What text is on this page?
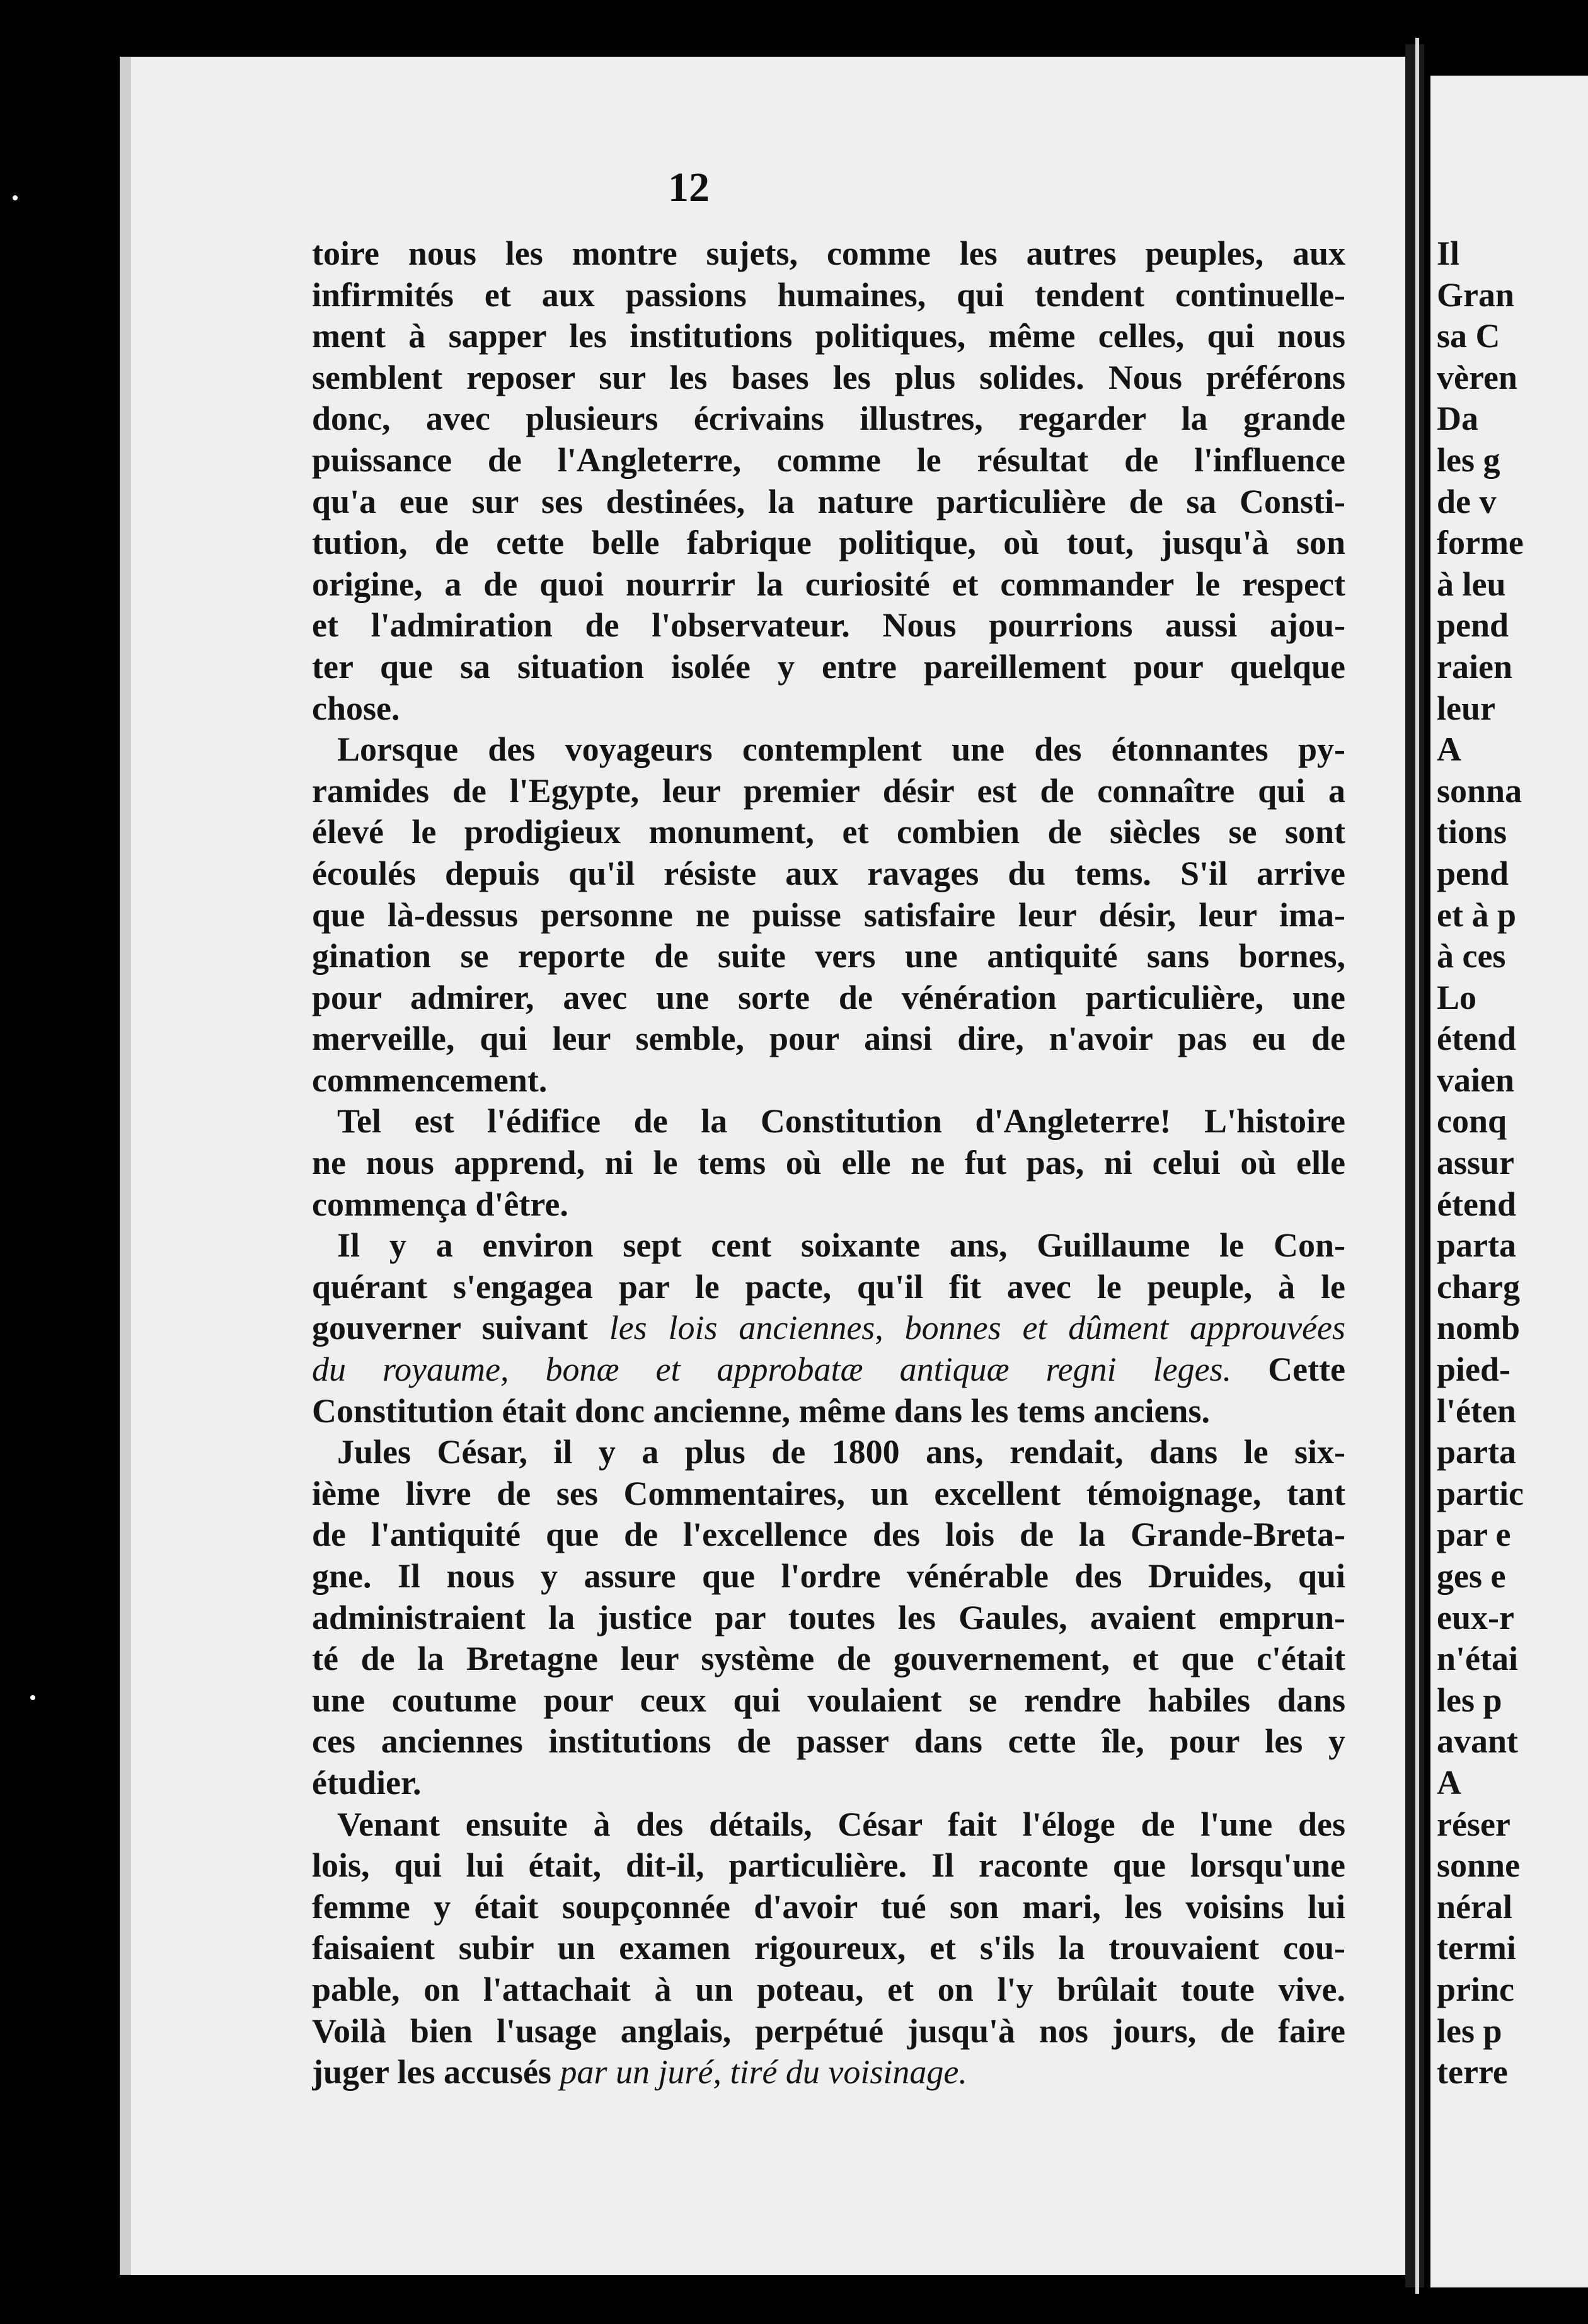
12
toire nous les montre sujets, comme les autres peuples, aux
infirmités et aux passions humaines, qui tendent continuelle-
ment à sapper les institutions politiques, même celles, qui nous
semblent reposer sur les bases les plus solides. Nous préférons
donc, avec plusieurs écrivains illustres, regarder la grande
puissance de l'Angleterre, comme le résultat de l'influence
qu'a eue sur ses destinées, la nature particulière de sa Consti-
tution, de cette belle fabrique politique, où tout, jusqu'à son
origine, a de quoi nourrir la curiosité et commander le respect
et l'admiration de l'observateur. Nous pourrions aussi ajou-
ter que sa situation isolée y entre pareillement pour quelque
chose.
Lorsque des voyageurs contemplent une des étonnantes py-
ramides de l'Egypte, leur premier désir est de connaître qui a
élevé le prodigieux monument, et combien de siècles se sont
écoulés depuis qu'il résiste aux ravages du tems. S'il arrive
que là-dessus personne ne puisse satisfaire leur désir, leur ima-
gination se reporte de suite vers une antiquité sans bornes,
pour admirer, avec une sorte de vénération particulière, une
merveille, qui leur semble, pour ainsi dire, n'avoir pas eu de
commencement.
Tel est l'édifice de la Constitution d'Angleterre! L'histoire
ne nous apprend, ni le tems où elle ne fut pas, ni celui où elle
commença d'être.
Il y a environ sept cent soixante ans, Guillaume le Con-
quérant s'engagea par le pacte, qu'il fit avec le peuple, à le
gouverner suivant les lois anciennes, bonnes et dûment approuvées
du royaume, bonæ et approbatæ antiquæ regni leges. Cette
Constitution était donc ancienne, même dans les tems anciens.
Jules César, il y a plus de 1800 ans, rendait, dans le six-
ième livre de ses Commentaires, un excellent témoignage, tant
de l'antiquité que de l'excellence des lois de la Grande-Breta-
gne. Il nous y assure que l'ordre vénérable des Druides, qui
administraient la justice par toutes les Gaules, avaient emprun-
té de la Bretagne leur système de gouvernement, et que c'était
une coutume pour ceux qui voulaient se rendre habiles dans
ces anciennes institutions de passer dans cette île, pour les y
étudier.
Venant ensuite à des détails, César fait l'éloge de l'une des
lois, qui lui était, dit-il, particulière. Il raconte que lorsqu'une
femme y était soupçonnée d'avoir tué son mari, les voisins lui
faisaient subir un examen rigoureux, et s'ils la trouvaient cou-
pable, on l'attachait à un poteau, et on l'y brûlait toute vive.
Voilà bien l'usage anglais, perpétué jusqu'à nos jours, de faire
juger les accusés par un juré, tiré du voisinage.
Il
Gran
sa C
vèren
Da
les g
de v
forme
à leu
pend
raien
leur
A
sonna
tions
pend
et à p
à ces
Lo
étend
vaien
conq
assur
étend
parta
charg
nomb
pied-
l'éten
parta
partic
par e
ges e
eux-r
n'étai
les p
avant
A
réser
sonne
néral
termi
princ
les p
terre
